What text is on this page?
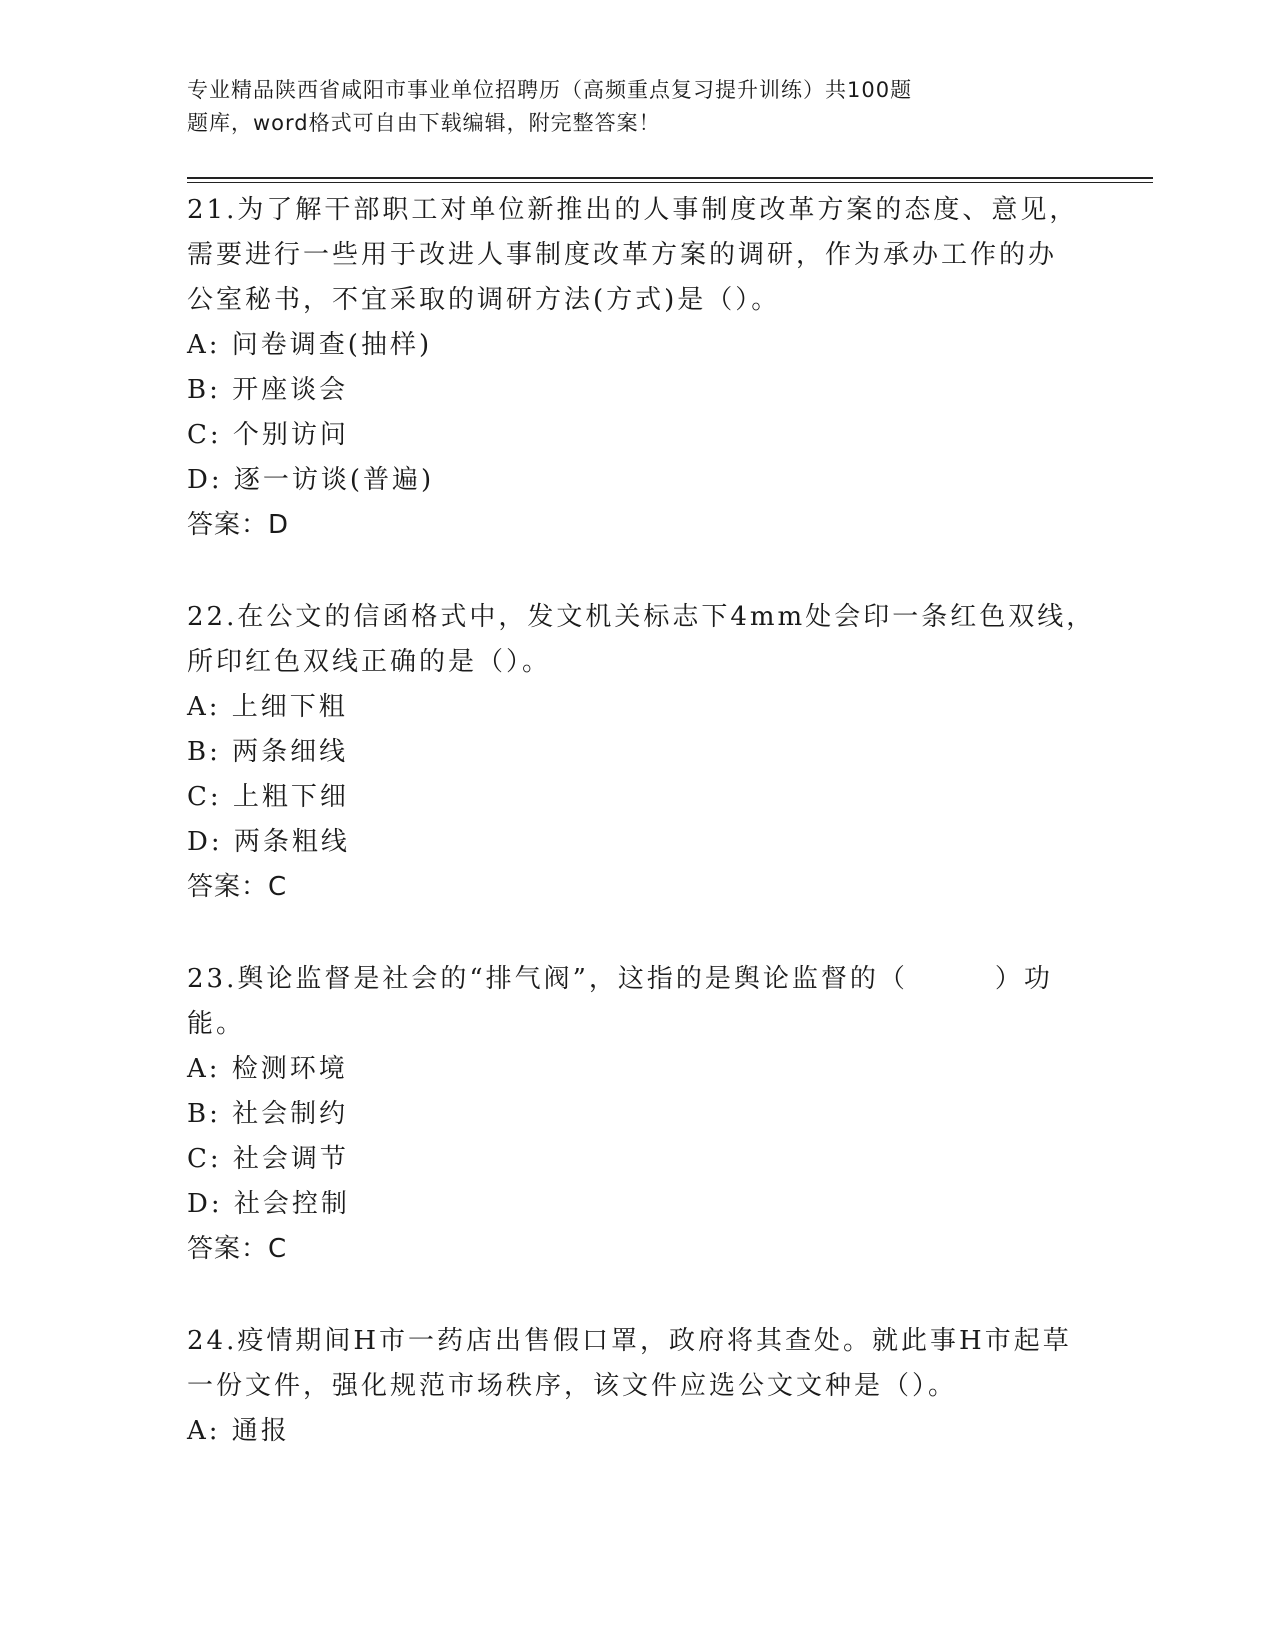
专业精品陕西省咸阳市事业单位招聘历（高频重点复习提升训练）共100题
题库，word格式可自由下载编辑，附完整答案！
21.为了解干部职工对单位新推出的人事制度改革方案的态度、意见，
需要进行一些用于改进人事制度改革方案的调研，作为承办工作的办
公室秘书，不宜采取的调研方法(方式)是（）。
A: 问卷调查(抽样)
B: 开座谈会
C: 个别访问
D: 逐一访谈(普遍)
答案：D
22.在公文的信函格式中，发文机关标志下4mm处会印一条红色双线，
所印红色双线正确的是（）。
A: 上细下粗
B: 两条细线
C: 上粗下细
D: 两条粗线
答案：C
23.舆论监督是社会的“排气阀”，这指的是舆论监督的（　　　）功
能。
A: 检测环境
B: 社会制约
C: 社会调节
D: 社会控制
答案：C
24.疫情期间H市一药店出售假口罩，政府将其查处。就此事H市起草
一份文件，强化规范市场秩序，该文件应选公文文种是（）。
A: 通报
